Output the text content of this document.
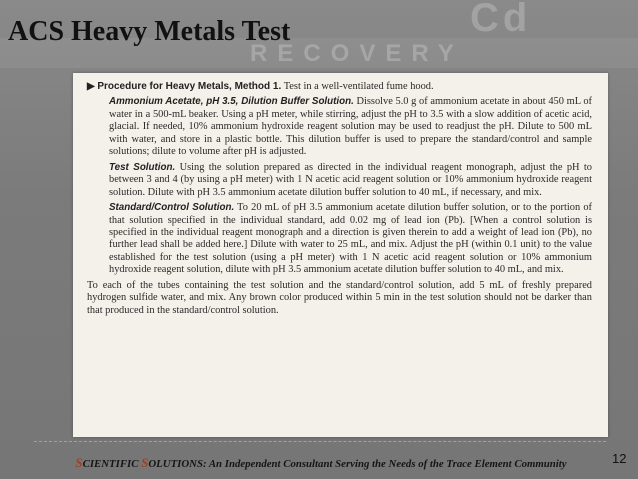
Cd
RECOVERY
ACS Heavy Metals Test

▶ Procedure for Heavy Metals, Method 1. Test in a well-ventilated fume hood.

Ammonium Acetate, pH 3.5, Dilution Buffer Solution. Dissolve 5.0 g of ammonium acetate in about 450 mL of water in a 500-mL beaker. Using a pH meter, while stirring, adjust the pH to 3.5 with a slow addition of acetic acid, glacial. If needed, 10% ammonium hydroxide reagent solution may be used to readjust the pH. Dilute to 500 mL with water, and store in a plastic bottle. This dilution buffer is used to prepare the standard/control and sample solutions; dilute to volume after pH is adjusted.

Test Solution. Using the solution prepared as directed in the individual reagent monograph, adjust the pH to between 3 and 4 (by using a pH meter) with 1 N acetic acid reagent solution or 10% ammonium hydroxide reagent solution. Dilute with pH 3.5 ammonium acetate dilution buffer solution to 40 mL, if necessary, and mix.

Standard/Control Solution. To 20 mL of pH 3.5 ammonium acetate dilution buffer solution, or to the portion of that solution specified in the individual standard, add 0.02 mg of lead ion (Pb). [When a control solution is specified in the individual reagent monograph and a direction is given therein to add a weight of lead ion (Pb), no further lead shall be added here.] Dilute with water to 25 mL, and mix. Adjust the pH (within 0.1 unit) to the value established for the test solution (using a pH meter) with 1 N acetic acid reagent solution or 10% ammonium hydroxide reagent solution, dilute with pH 3.5 ammonium acetate dilution buffer solution to 40 mL, and mix.

To each of the tubes containing the test solution and the standard/control solution, add 5 mL of freshly prepared hydrogen sulfide water, and mix. Any brown color produced within 5 min in the test solution should not be darker than that produced in the standard/control solution.

SCIENTIFIC SOLUTIONS: An Independent Consultant Serving the Needs of the Trace Element Community	12
